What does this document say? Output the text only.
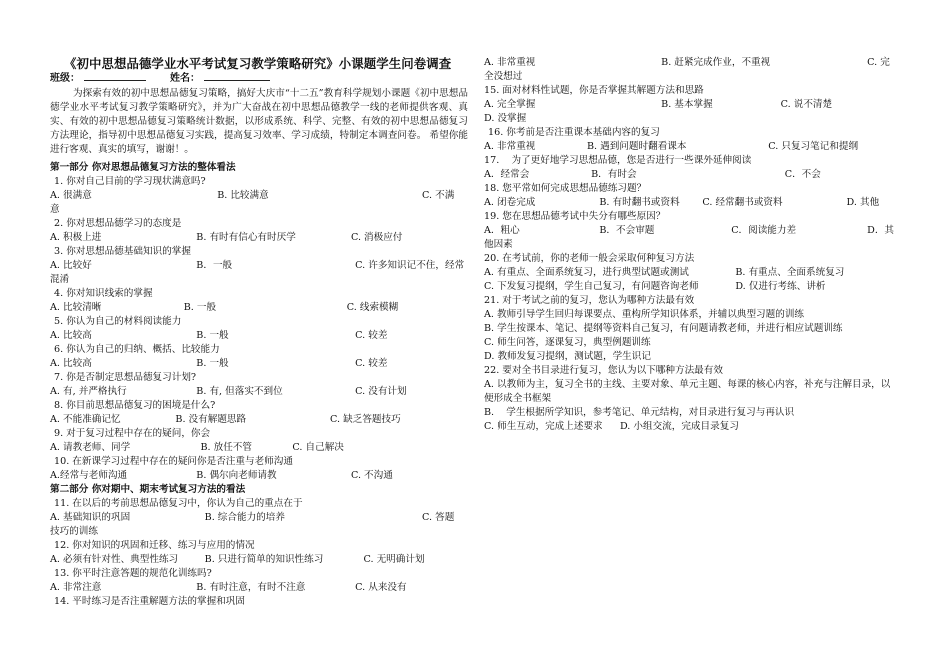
《初中思想品德学业水平考试复习教学策略研究》小课题学生问卷调查
班级：	姓名：
为探索有效的初中思想品德复习策略，搞好大庆市“十二五”教育科学规划小课题《初中思想品德学业水平考试复习教学策略研究》，并为广大奋战在初中思想品德教学一线的老师提供客观、真实、有效的初中思想品德复习策略统计数据，以形成系统、科学、完整、有效的初中思想品德复习方法理论，指导初中思想品德复习实践，提高复习效率、学习成绩，特制定本调查问卷。 希望你能进行客观、真实的填写，谢谢！。
第一部分 你对思想品德复习方法的整体看法
1. 你对自己目前的学习现状满意吗?
A. 很满意	B. 比较满意	C. 不满
意
2. 你对思想品德学习的态度是
A. 积极上进	B. 有时有信心有时厌学	C. 消极应付
3. 你对思想品德基础知识的掌握
A. 比较好	B．一般	C. 许多知识记不住，经常
混淆
4. 你对知识线索的掌握
A. 比较清晰	B. 一般	C. 线索模糊
5. 你认为自己的材料阅读能力
A. 比较高	B. 一般	C. 较差
6. 你认为自己的归纳、概括、比较能力
A. 比较高	B. 一般	C. 较差
7. 你是否制定思想品德复习计划?
A. 有, 并严格执行	B. 有, 但落实不到位	C. 没有计划
8. 你目前思想品德复习的困境是什么?
A. 不能准确记忆	B. 没有解题思路	C. 缺乏答题技巧
9. 对于复习过程中存在的疑问，你会
A. 请教老师、同学	B. 放任不管	C. 自己解决
10. 在新课学习过程中存在的疑问你是否注重与老师沟通
A.经常与老师沟通	B. 偶尔向老师请教	C. 不沟通
第二部分 你对期中、期末考试复习方法的看法
11. 在以后的考前思想品德复习中，你认为自己的重点在于
A. 基础知识的巩固	B. 综合能力的培养	C. 答题
技巧的训练
12. 你对知识的巩固和迁移、练习与应用的情况
A. 必须有针对性、典型性练习	B. 只进行简单的知识性练习	C. 无明确计划
13. 你平时注意答题的规范化训练吗?
A. 非常注意	B. 有时注意，有时不注意	C. 从来没有
14. 平时练习是否注重解题方法的掌握和巩固
A. 非常重视	B. 赶紧完成作业，不重视	C. 完
全没想过
15. 面对材料性试题，你是否掌握其解题方法和思路
A. 完全掌握	B. 基本掌握	C. 说不清楚
D. 没掌握
16. 你考前是否注重课本基础内容的复习
A. 非常重视	B. 遇到问题时翻看课本	C. 只复习笔记和提纲
17.    为了更好地学习思想品德，您是否进行一些课外延伸阅读
A．经常会	B．有时会	C．不会
18. 您平常如何完成思想品德练习题？
A. 闭卷完成	B. 有时翻书或资料	C. 经常翻书或资料	D. 其他
19. 您在思想品德考试中失分有哪些原因？
A．粗心	B．不会审题	C．阅读能力差	D．其
他因素
20. 在考试前，你的老师一般会采取何种复习方法
A. 有重点、全面系统复习，进行典型试题或测试	B. 有重点、全面系统复习
C. 下发复习提纲，学生自己复习，有问题咨询老师	D. 仅进行考练、讲析
21. 对于考试之前的复习，您认为哪种方法最有效
A. 教师引导学生回归每课要点、重构所学知识体系，并辅以典型习题的训练
B. 学生按课本、笔记、提纲等资料自己复习，有问题请教老师，并进行相应试题训练
C. 师生问答，逐课复习，典型例题训练
D. 教师发复习提纲，测试题，学生识记
22. 要对全书目录进行复习，您认为以下哪种方法最有效
A. 以教师为主，复习全书的主线、主要对象、单元主题、每课的核心内容，补充与注解目录，以便形成全书框架
B.    学生根据所学知识，参考笔记、单元结构，对目录进行复习与再认识
C. 师生互动，完成上述要求	D. 小组交流，完成目录复习
